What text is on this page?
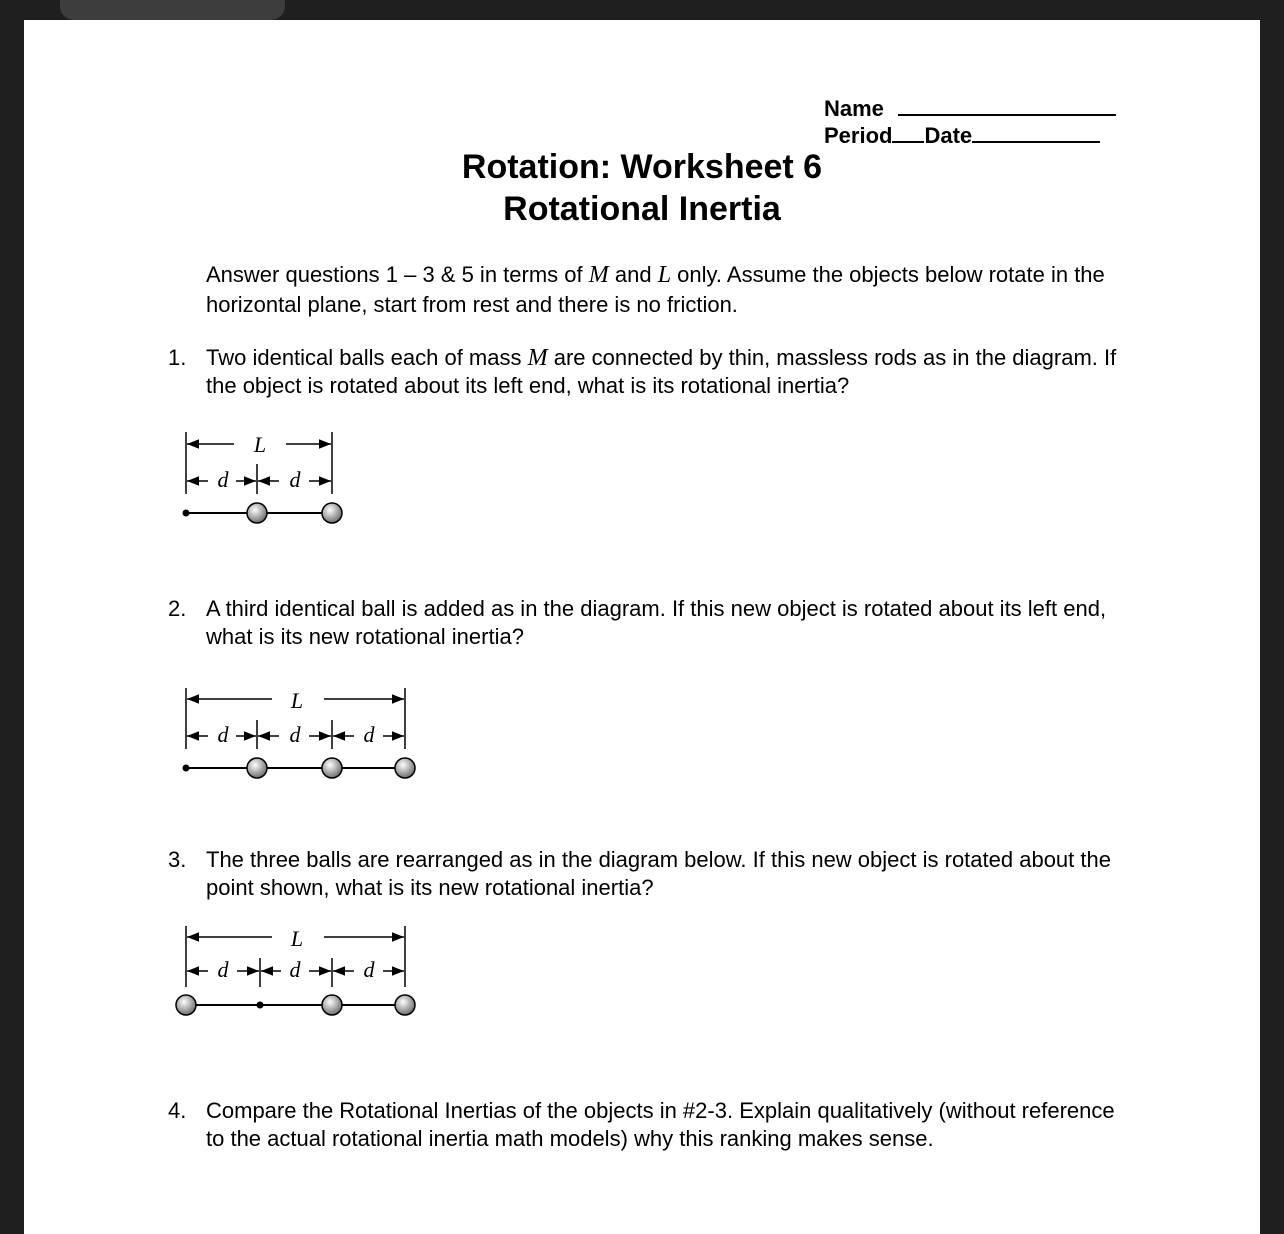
Name
Period Date
Rotation: Worksheet 6
Rotational Inertia
Answer questions 1 – 3 & 5 in terms of M and L only. Assume the objects below rotate in the horizontal plane, start from rest and there is no friction.
1. Two identical balls each of mass M are connected by thin, massless rods as in the diagram. If the object is rotated about its left end, what is its rotational inertia?
2. A third identical ball is added as in the diagram. If this new object is rotated about its left end, what is its new rotational inertia?
3. The three balls are rearranged as in the diagram below. If this new object is rotated about the point shown, what is its new rotational inertia?
4. Compare the Rotational Inertias of the objects in #2-3. Explain qualitatively (without reference to the actual rotational inertia math models) why this ranking makes sense.
L
d	d
L
d	d	d
L
d	d	d
